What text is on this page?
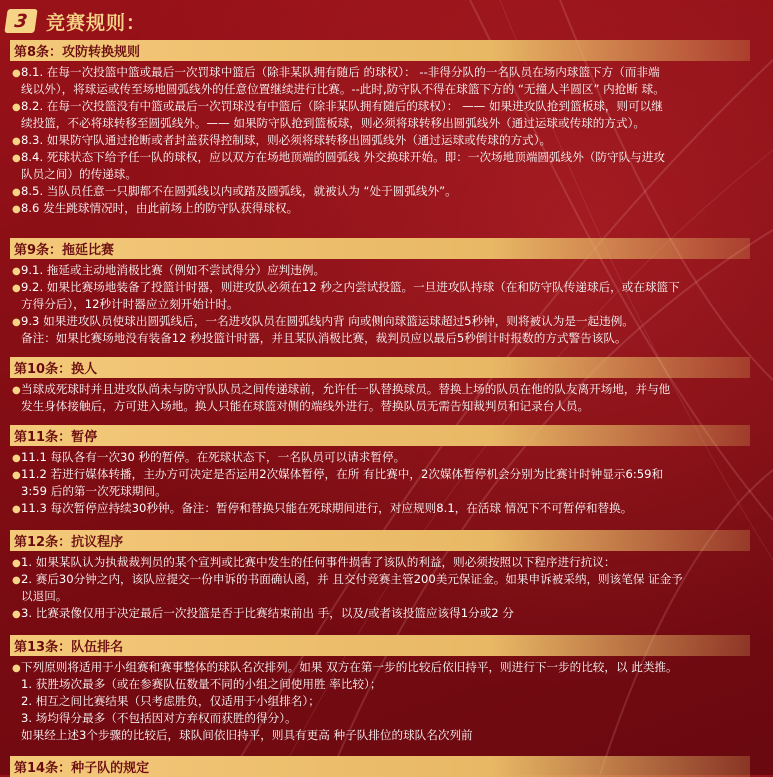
3 竞赛规则：
第8条：攻防转换规则
●8.1. 在每一次投篮中篮或最后一次罚球中篮后（除非某队拥有随后 的球权）： --非得分队的一名队员在场内球篮下方（而非端
线以外），将球运或传至场地圆弧线外的任意位置继续进行比赛。--此时,防守队不得在球篮下方的 “无撞人半圆区” 内抢断 球。
●8.2. 在每一次投篮没有中篮或最后一次罚球没有中篮后（除非某队拥有随后的球权）： —— 如果进攻队抢到篮板球，则可以继
续投篮，不必将球转移至圆弧线外。—— 如果防守队抢到篮板球，则必须将球转移出圆弧线外（通过运球或传球的方式）。
●8.3. 如果防守队通过抢断或者封盖获得控制球，则必须将球转移出圆弧线外（通过运球或传球的方式）。
●8.4. 死球状态下给予任一队的球权，应以双方在场地顶端的圆弧线 外交换球开始。即：一次场地顶端圆弧线外（防守队与进攻
队员之间）的传递球。
●8.5. 当队员任意一只脚都不在圆弧线以内或踏及圆弧线，就被认为 “处于圆弧线外”。
●8.6 发生跳球情况时，由此前场上的防守队获得球权。
第9条：拖延比赛
●9.1. 拖延或主动地消极比赛（例如不尝试得分）应判违例。
●9.2. 如果比赛场地装备了投篮计时器，则进攻队必须在12 秒之内尝试投篮。一旦进攻队持球（在和防守队传递球后，或在球篮下
方得分后），12秒计时器应立刻开始计时。
●9.3 如果进攻队员使球出圆弧线后，一名进攻队员在圆弧线内背 向或侧向球篮运球超过5秒钟，则将被认为是一起违例。
备注：如果比赛场地没有装备12 秒投篮计时器，并且某队消极比赛，裁判员应以最后5秒倒计时报数的方式警告该队。
第10条：换人
●当球成死球时并且进攻队尚未与防守队队员之间传递球前，允许任一队替换球员。替换上场的队员在他的队友离开场地，并与他
发生身体接触后，方可进入场地。换人只能在球篮对侧的端线外进行。替换队员无需告知裁判员和记录台人员。
第11条：暂停
●11.1 每队各有一次30 秒的暂停。在死球状态下，一名队员可以请求暂停。
●11.2 若进行媒体转播，主办方可决定是否运用2次媒体暂停，在所 有比赛中，2次媒体暂停机会分别为比赛计时钟显示6:59和
3:59 后的第一次死球期间。
●11.3 每次暂停应持续30秒钟。备注：暂停和替换只能在死球期间进行，对应规则8.1，在活球 情况下不可暂停和替换。
第12条：抗议程序
●1. 如果某队认为执裁裁判员的某个宣判或比赛中发生的任何事件损害了该队的利益，则必须按照以下程序进行抗议：
●2. 赛后30分钟之内，该队应提交一份申诉的书面确认函，并 且交付竞赛主管200美元保证金。如果申诉被采纳，则该笔保 证金予
以退回。
●3. 比赛录像仅用于决定最后一次投篮是否于比赛结束前出 手，以及/或者该投篮应该得1分或2 分
第13条：队伍排名
●下列原则将适用于小组赛和赛事整体的球队名次排列。如果 双方在第一步的比较后依旧持平，则进行下一步的比较，以 此类推。
1. 获胜场次最多（或在参赛队伍数量不同的小组之间使用胜 率比较）；
2. 相互之间比赛结果（只考虑胜负，仅适用于小组排名）；
3. 场均得分最多（不包括因对方弃权而获胜的得分）。
如果经上述3个步骤的比较后，球队间依旧持平，则具有更高 种子队排位的球队名次列前
第14条：种子队的规定
